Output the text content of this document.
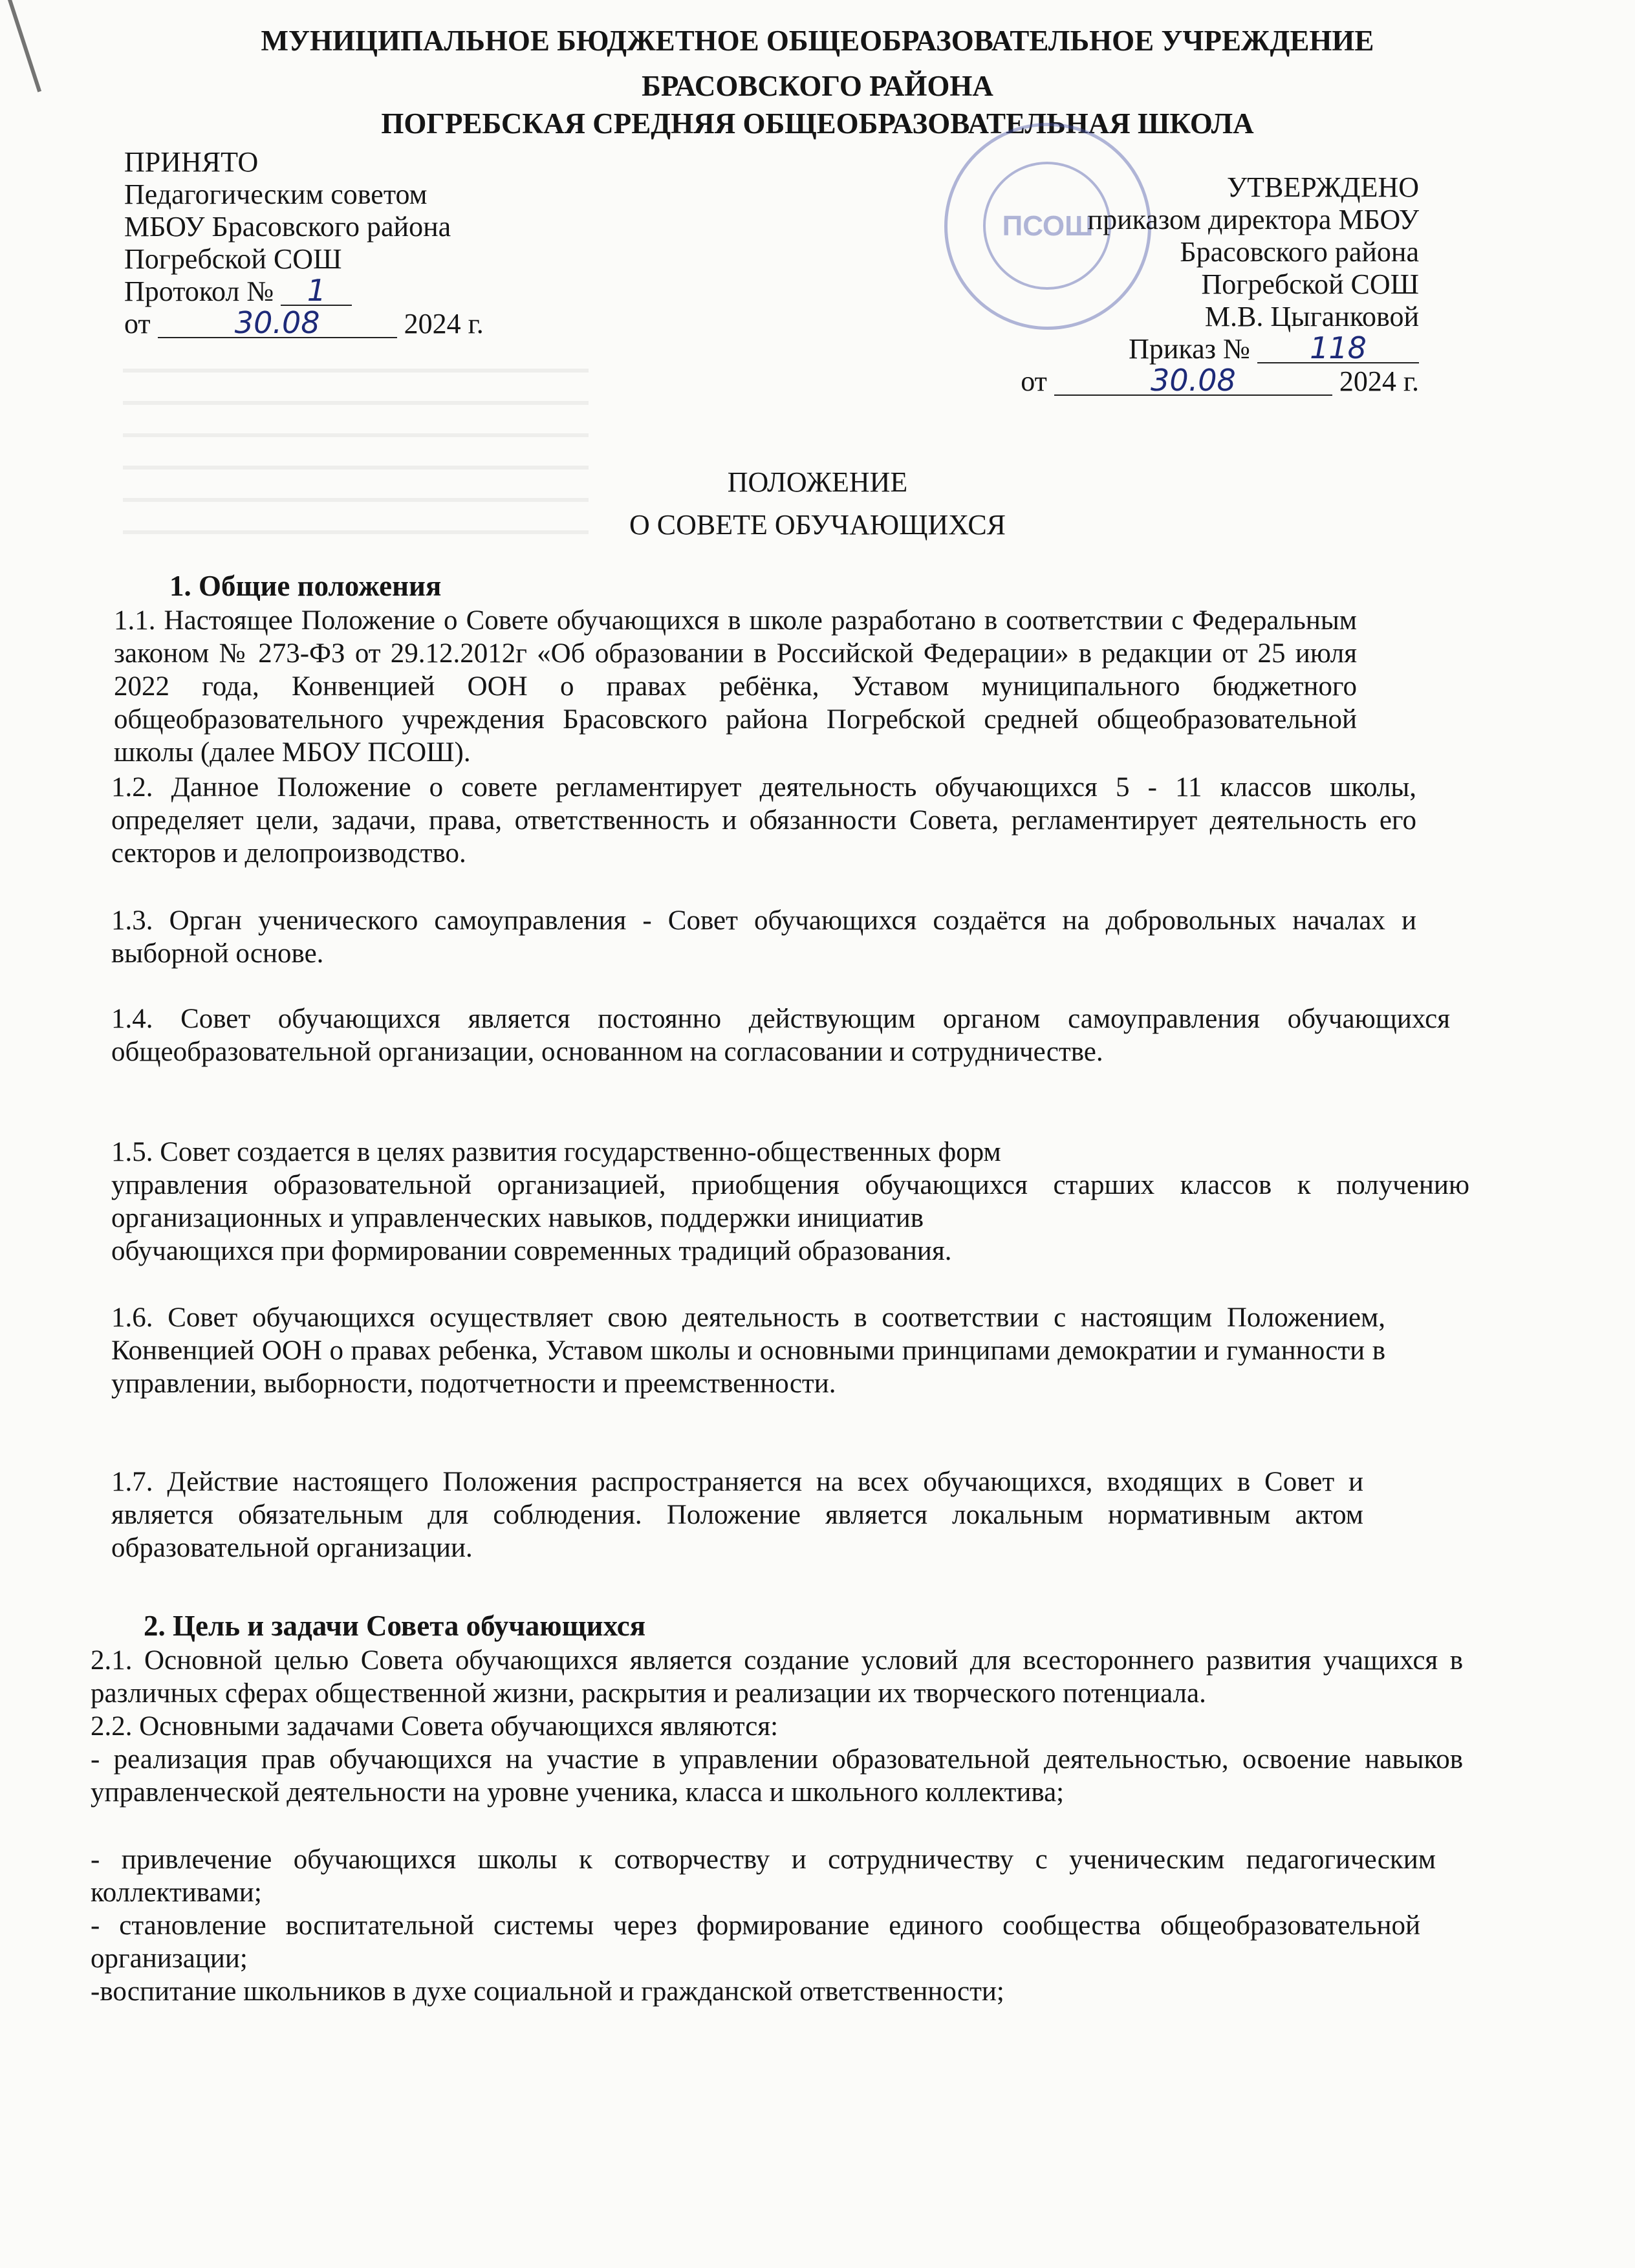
МУНИЦИПАЛЬНОЕ БЮДЖЕТНОЕ ОБЩЕОБРАЗОВАТЕЛЬНОЕ УЧРЕЖДЕНИЕ
БРАСОВСКОГО РАЙОНА
ПОГРЕБСКАЯ СРЕДНЯЯ ОБЩЕОБРАЗОВАТЕЛЬНАЯ ШКОЛА
ПРИНЯТО
Педагогическим советом
МБОУ Брасовского района
Погребской СОШ
Протокол № 1
от	30.08	2024 г.
ПСОШ
УТВЕРЖДЕНО
приказом директора МБОУ
Брасовского района
Погребской СОШ
М.В. Цыганковой
Приказ № 118
от	30.08	2024 г.
ПОЛОЖЕНИЕ
О СОВЕТЕ ОБУЧАЮЩИХСЯ
1. Общие положения

1.1. Настоящее Положение о Совете обучающихся в школе разработано в соответствии с Федеральным законом № 273-ФЗ от 29.12.2012г «Об образовании в Российской Федерации» в редакции от 25 июля 2022 года, Конвенцией ООН о правах ребёнка, Уставом муниципального бюджетного общеобразовательного учреждения Брасовского района Погребской средней общеобразовательной школы (далее МБОУ ПСОШ).

1.2. Данное Положение о совете регламентирует деятельность обучающихся 5 - 11 классов школы, определяет цели, задачи, права, ответственность и обязанности Совета, регламентирует деятельность его секторов и делопроизводство.

1.3. Орган ученического самоуправления - Совет обучающихся создаётся на добровольных началах и выборной основе.

1.4. Совет обучающихся является постоянно действующим органом самоуправления обучающихся общеобразовательной организации, основанном на согласовании и сотрудничестве.

1.5. Совет создается в целях развития государственно-общественных форм

управления образовательной организацией, приобщения обучающихся старших классов к получению организационных и управленческих навыков, поддержки инициатив

обучающихся при формировании современных традиций образования.

1.6. Совет обучающихся осуществляет свою деятельность в соответствии с настоящим Положением, Конвенцией ООН о правах ребенка, Уставом школы и основными принципами демократии и гуманности в управлении, выборности, подотчетности и преемственности.

1.7. Действие настоящего Положения распространяется на всех обучающихся, входящих в Совет и является обязательным для соблюдения. Положение является локальным нормативным актом образовательной организации.

2. Цель и задачи Совета обучающихся

2.1. Основной целью Совета обучающихся является создание условий для всестороннего развития учащихся в различных сферах общественной жизни, раскрытия и реализации их творческого потенциала.

2.2. Основными задачами Совета обучающихся являются:

- реализация прав обучающихся на участие в управлении образовательной деятельностью, освоение навыков управленческой деятельности на уровне ученика, класса и школьного коллектива;

- привлечение обучающихся школы к сотворчеству и сотрудничеству с ученическим педагогическим коллективами;

- становление воспитательной системы через формирование единого сообщества общеобразовательной организации;

-воспитание школьников в духе социальной и гражданской ответственности;
